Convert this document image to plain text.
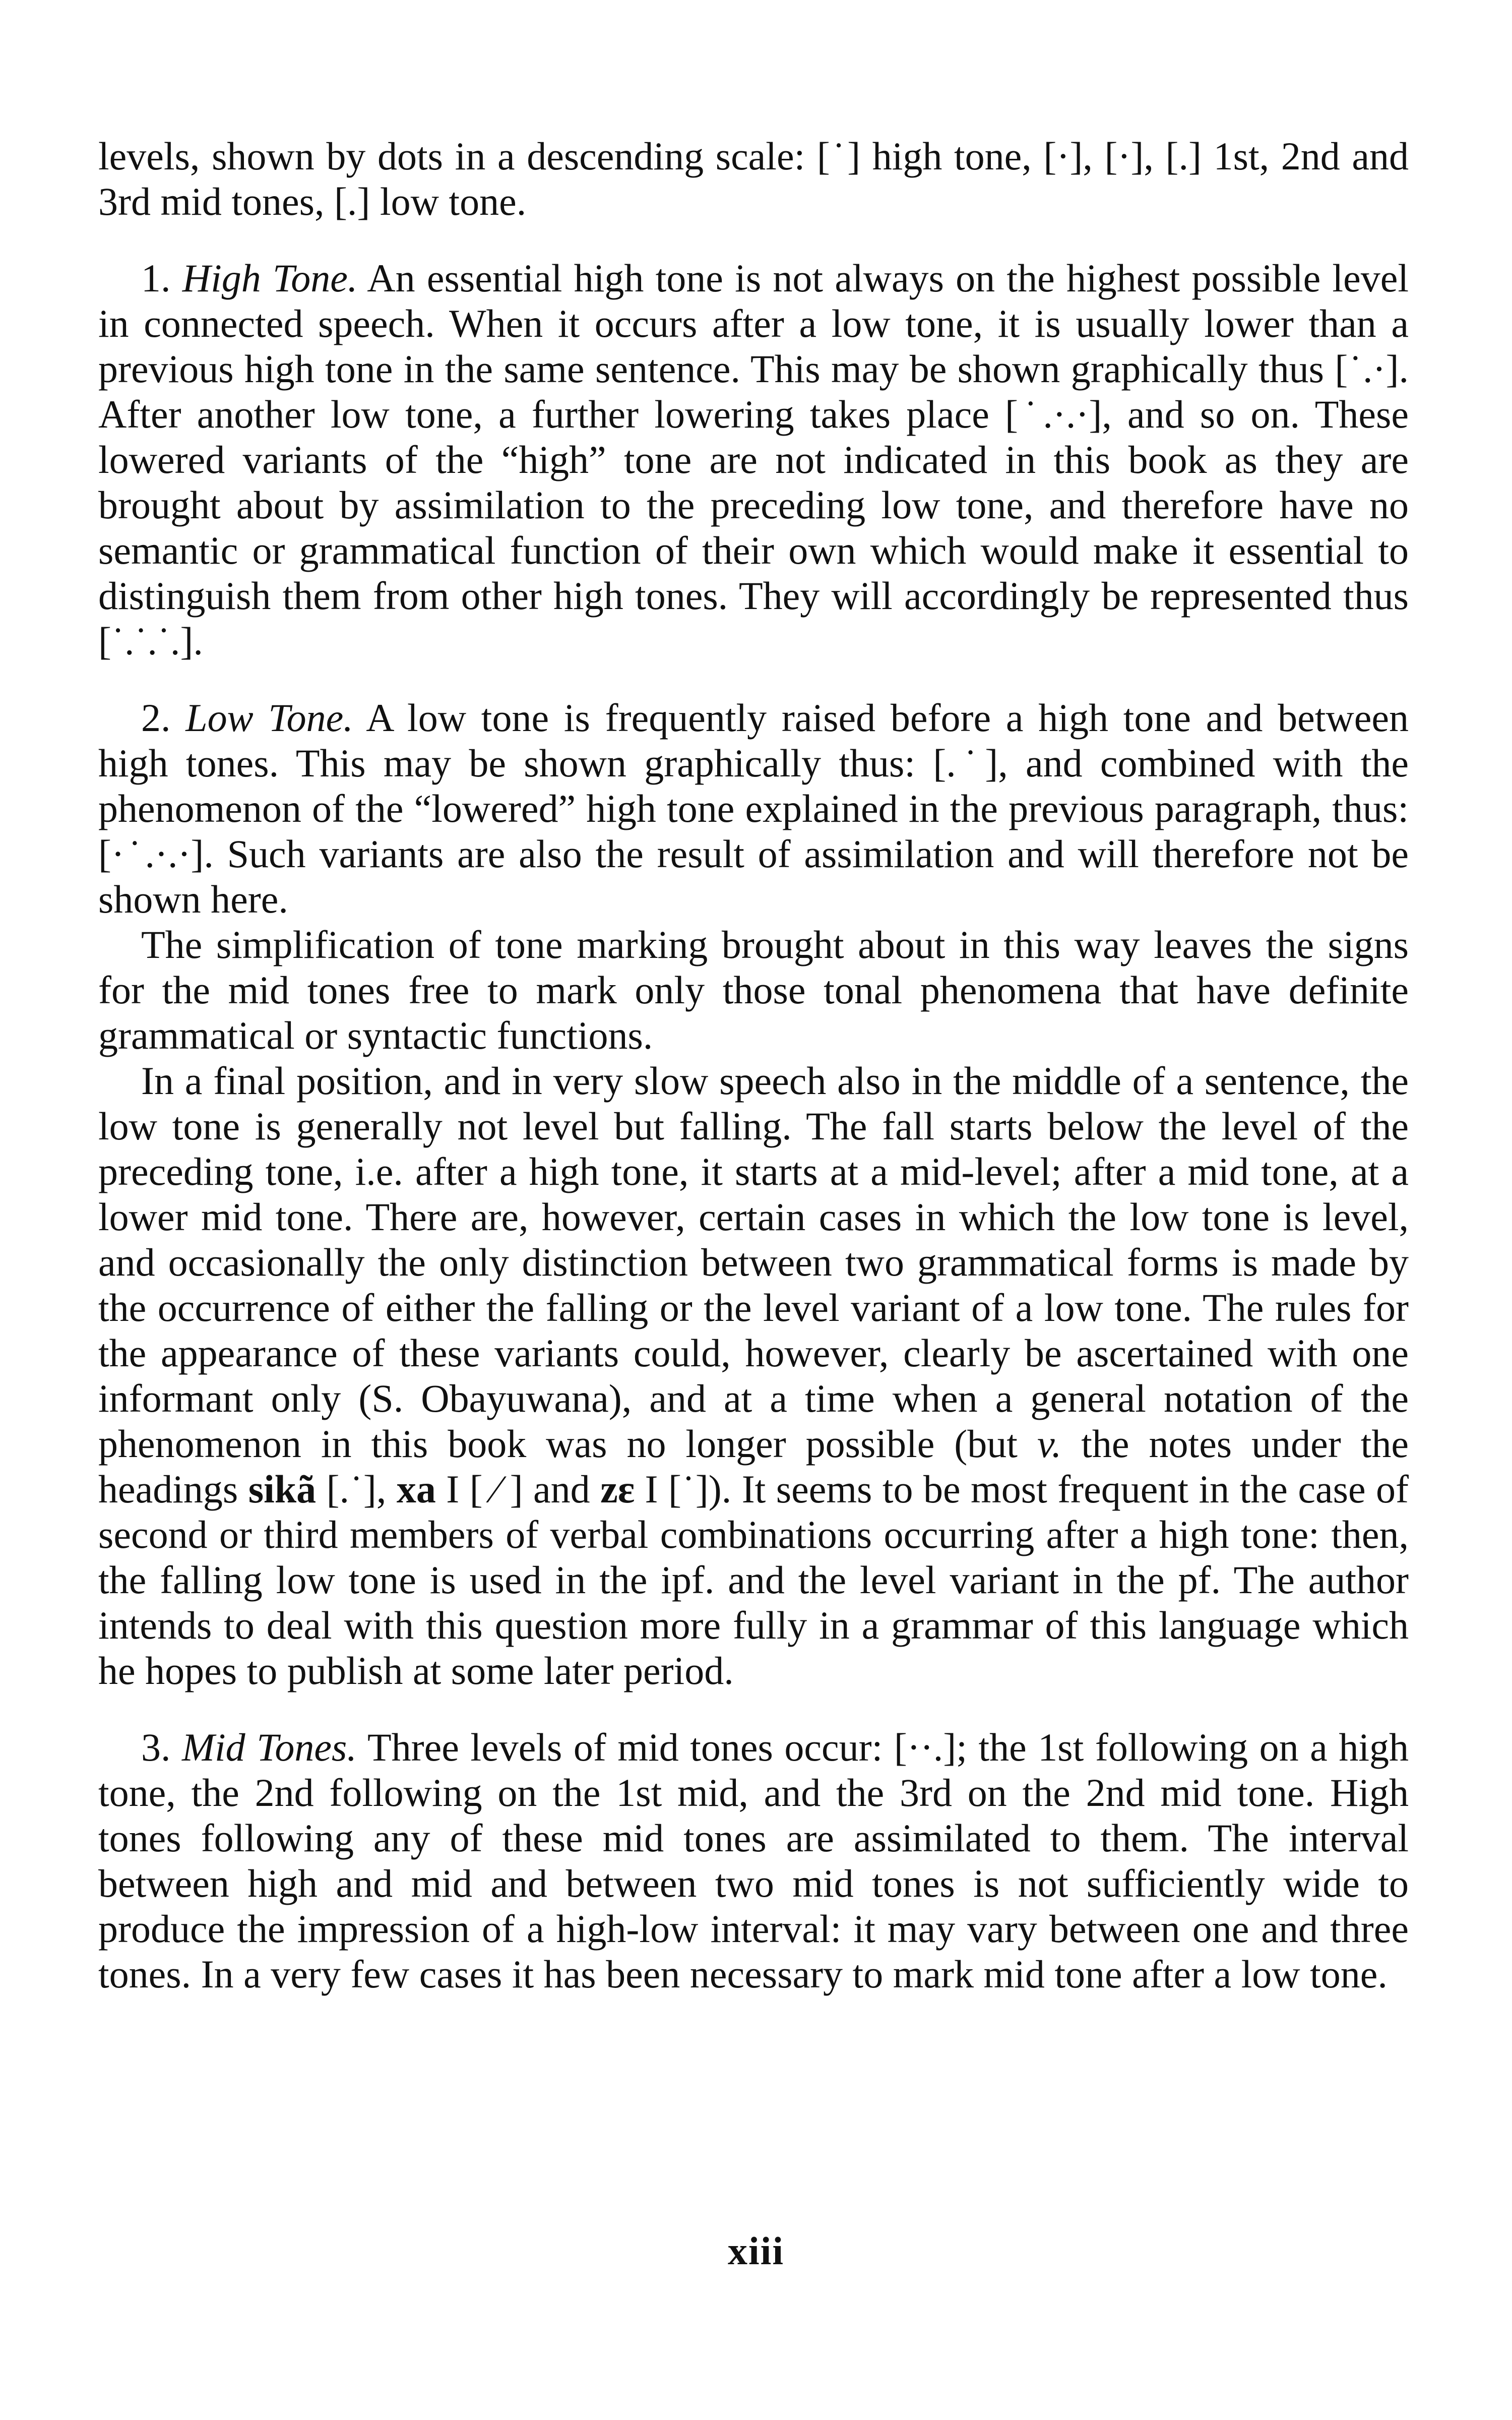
levels, shown by dots in a descending scale: [˙] high tone, [·], [·], [.] 1st, 2nd and 3rd mid tones, [.] low tone.

1. High Tone. An essential high tone is not always on the highest possible level in connected speech. When it occurs after a low tone, it is usually lower than a previous high tone in the same sentence. This may be shown graphically thus [˙.·]. After another low tone, a further lowering takes place [˙.·.·], and so on. These lowered variants of the “high” tone are not indicated in this book as they are brought about by assimilation to the preceding low tone, and therefore have no semantic or grammatical function of their own which would make it essential to distinguish them from other high tones. They will accordingly be represented thus [˙.˙.˙.].

2. Low Tone. A low tone is frequently raised before a high tone and between high tones. This may be shown graphically thus: [.˙], and combined with the phenomenon of the “lowered” high tone explained in the previous paragraph, thus: [·˙.·.·]. Such variants are also the result of assimilation and will therefore not be shown here.

The simplification of tone marking brought about in this way leaves the signs for the mid tones free to mark only those tonal phenomena that have definite grammatical or syntactic functions.

In a final position, and in very slow speech also in the middle of a sentence, the low tone is generally not level but falling. The fall starts below the level of the preceding tone, i.e. after a high tone, it starts at a mid-level; after a mid tone, at a lower mid tone. There are, however, certain cases in which the low tone is level, and occasionally the only distinction between two grammatical forms is made by the occurrence of either the falling or the level variant of a low tone. The rules for the appearance of these variants could, however, clearly be ascertained with one informant only (S. Obayuwana), and at a time when a general notation of the phenomenon in this book was no longer possible (but v. the notes under the headings sikã [.˙], xa I [ ⁄ ] and zɛ I [˙]). It seems to be most frequent in the case of second or third members of verbal combinations occurring after a high tone: then, the falling low tone is used in the ipf. and the level variant in the pf. The author intends to deal with this question more fully in a grammar of this language which he hopes to publish at some later period.

3. Mid Tones. Three levels of mid tones occur: [··.]; the 1st following on a high tone, the 2nd following on the 1st mid, and the 3rd on the 2nd mid tone. High tones following any of these mid tones are assimilated to them. The interval between high and mid and between two mid tones is not sufficiently wide to produce the impression of a high-low interval: it may vary between one and three tones. In a very few cases it has been necessary to mark mid tone after a low tone.

xiii
